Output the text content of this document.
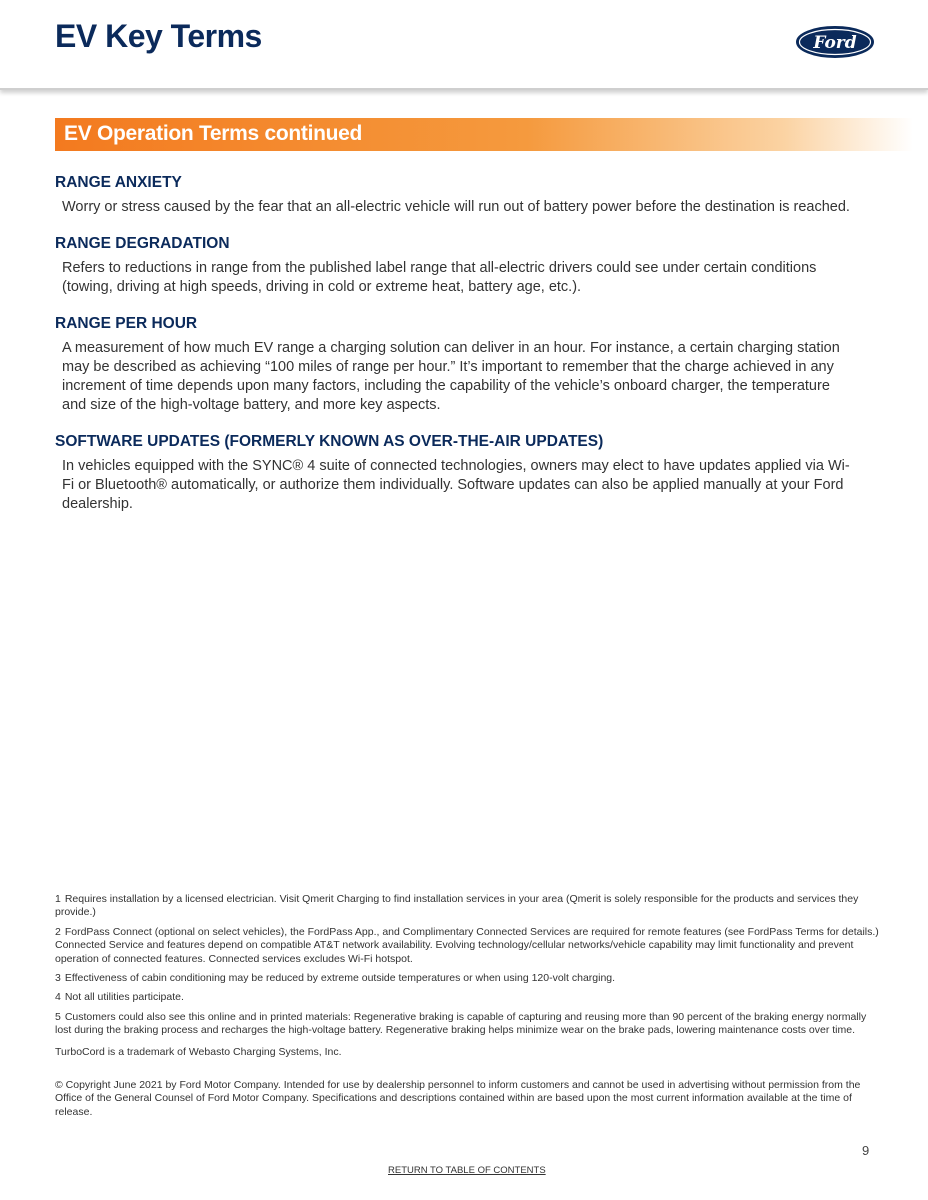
EV Key Terms	Ford
EV Operation Terms continued
RANGE ANXIETY

Worry or stress caused by the fear that an all-electric vehicle will run out of battery power before the destination is reached.

RANGE DEGRADATION

Refers to reductions in range from the published label range that all-electric drivers could see under certain conditions (towing, driving at high speeds, driving in cold or extreme heat, battery age, etc.).

RANGE PER HOUR

A measurement of how much EV range a charging solution can deliver in an hour. For instance, a certain charging station may be described as achieving “100 miles of range per hour.” It’s important to remember that the charge achieved in any increment of time depends upon many factors, including the capability of the vehicle’s onboard charger, the temperature and size of the high-voltage battery, and more key aspects.

SOFTWARE UPDATES (FORMERLY KNOWN AS OVER-THE-AIR UPDATES)

In vehicles equipped with the SYNC® 4 suite of connected technologies, owners may elect to have updates applied via Wi-Fi or Bluetooth® automatically, or authorize them individually. Software updates can also be applied manually at your Ford dealership.

1 Requires installation by a licensed electrician. Visit Qmerit Charging to find installation services in your area (Qmerit is solely responsible for the products and services they provide.)

2 FordPass Connect (optional on select vehicles), the FordPass App., and Complimentary Connected Services are required for remote features (see FordPass Terms for details.) Connected Service and features depend on compatible AT&T network availability. Evolving technology/cellular networks/vehicle capability may limit functionality and prevent operation of connected features. Connected services excludes Wi-Fi hotspot.

3 Effectiveness of cabin conditioning may be reduced by extreme outside temperatures or when using 120-volt charging.

4 Not all utilities participate.

5 Customers could also see this online and in printed materials: Regenerative braking is capable of capturing and reusing more than 90 percent of the braking energy normally lost during the braking process and recharges the high-voltage battery. Regenerative braking helps minimize wear on the brake pads, lowering maintenance costs over time.

TurboCord is a trademark of Webasto Charging Systems, Inc.

© Copyright June 2021 by Ford Motor Company. Intended for use by dealership personnel to inform customers and cannot be used in advertising without permission from the Office of the General Counsel of Ford Motor Company. Specifications and descriptions contained within are based upon the most current information available at the time of release.

9
RETURN TO TABLE OF CONTENTS
